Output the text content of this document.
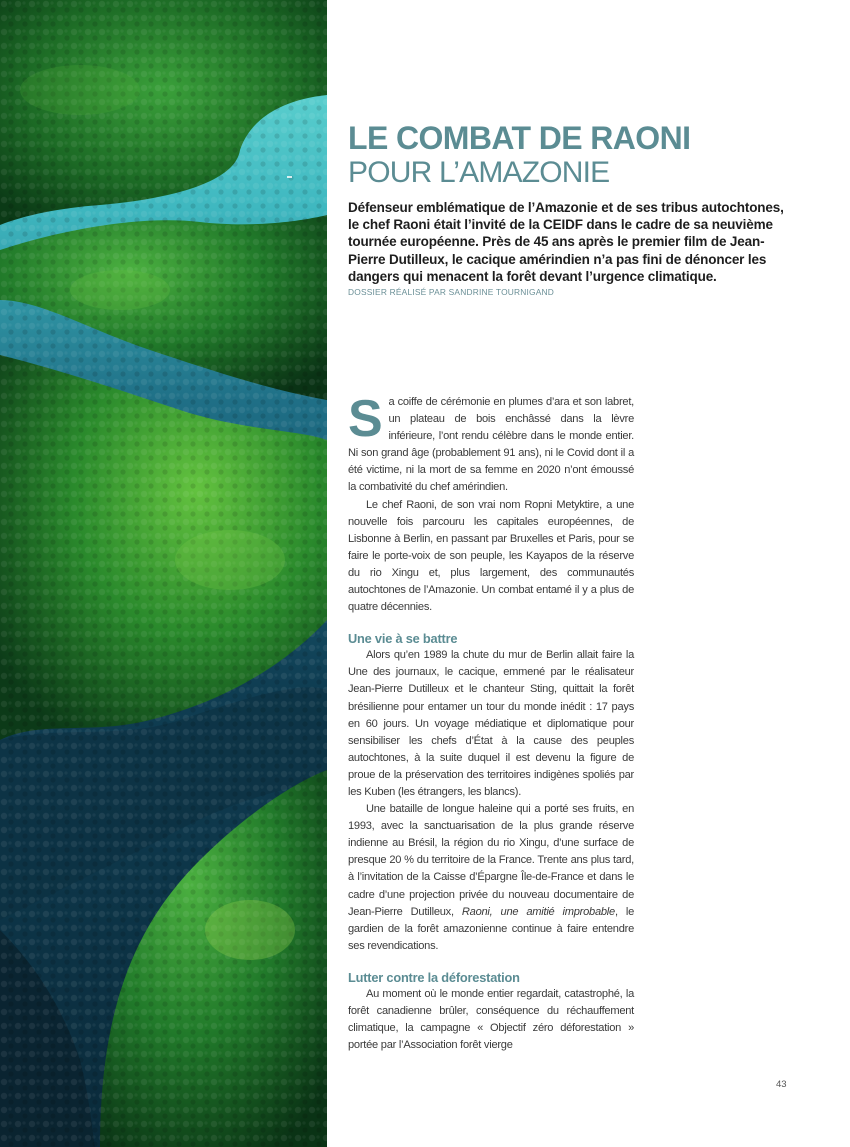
LE COMBAT DE RAONI
POUR L’AMAZONIE
Défenseur emblématique de l’Amazonie et de ses tribus autochtones, le chef Raoni était l’invité de la CEIDF dans le cadre de sa neuvième tournée européenne. Près de 45 ans après le premier film de Jean-Pierre Dutilleux, le cacique amérindien n’a pas fini de dénoncer les dangers qui menacent la forêt devant l’urgence climatique.
DOSSIER RÉALISÉ PAR SANDRINE TOURNIGAND

Sa coiffe de cérémonie en plumes d’ara et son labret, un plateau de bois enchâssé dans la lèvre inférieure, l’ont rendu célèbre dans le monde entier. Ni son grand âge (probablement 91 ans), ni le Covid dont il a été victime, ni la mort de sa femme en 2020 n’ont émoussé la combativité du chef amérindien.

Le chef Raoni, de son vrai nom Ropni Metyktire, a une nouvelle fois parcouru les capitales européennes, de Lisbonne à Berlin, en passant par Bruxelles et Paris, pour se faire le porte-voix de son peuple, les Kayapos de la réserve du rio Xingu et, plus largement, des communautés autochtones de l’Amazonie. Un combat entamé il y a plus de quatre décennies.

Une vie à se battre

Alors qu’en 1989 la chute du mur de Berlin allait faire la Une des journaux, le cacique, emmené par le réalisateur Jean-Pierre Dutilleux et le chanteur Sting, quittait la forêt brésilienne pour entamer un tour du monde inédit : 17 pays en 60 jours. Un voyage médiatique et diplomatique pour sensibiliser les chefs d’État à la cause des peuples autochtones, à la suite duquel il est devenu la figure de proue de la préservation des territoires indigènes spoliés par les Kuben (les étrangers, les blancs).

Une bataille de longue haleine qui a porté ses fruits, en 1993, avec la sanctuarisation de la plus grande réserve indienne au Brésil, la région du rio Xingu, d’une surface de presque 20 % du territoire de la France. Trente ans plus tard, à l’invitation de la Caisse d’Épargne Île-de-France et dans le cadre d’une projection privée du nouveau documentaire de Jean-Pierre Dutilleux, Raoni, une amitié improbable, le gardien de la forêt amazonienne continue à faire entendre ses revendications.

Lutter contre la déforestation

Au moment où le monde entier regardait, catastrophé, la forêt canadienne brûler, conséquence du réchauffement climatique, la campagne « Objectif zéro déforestation » portée par l’Association forêt vierge

43
